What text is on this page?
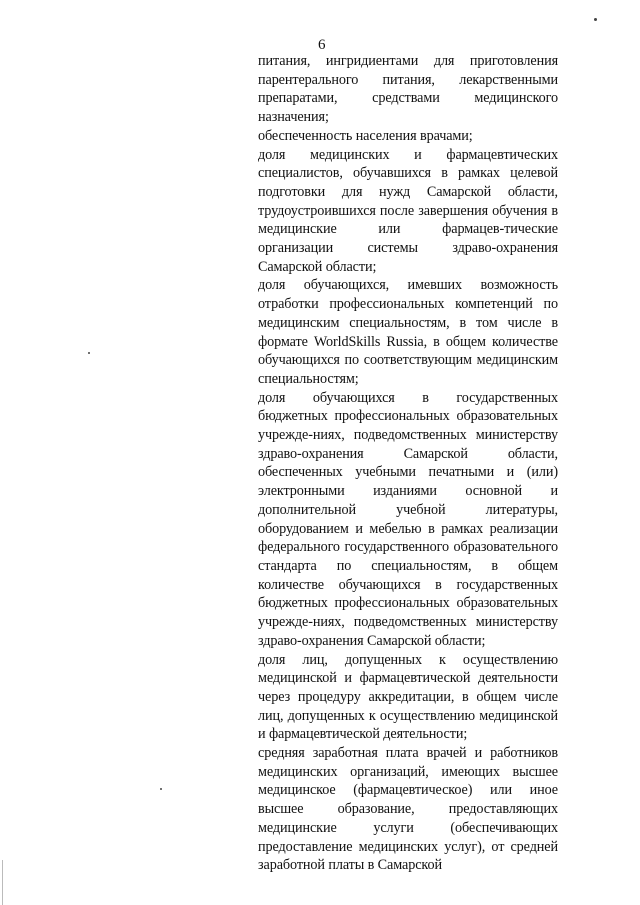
6

питания, ингридиентами для приготовления парентерального питания, лекарственными препаратами, средствами медицинского назначения;

обеспеченность населения врачами;

доля медицинских и фармацевтических специалистов, обучавшихся в рамках целевой подготовки для нужд Самарской области, трудоустроившихся после завершения обучения в медицинские или фармацев-тические организации системы здраво-охранения Самарской области;

доля обучающихся, имевших возможность отработки профессиональных компетенций по медицинским специальностям, в том числе в формате WorldSkills Russia, в общем количестве обучающихся по соответствующим медицинским специальностям;

доля обучающихся в государственных бюджетных профессиональных образовательных учрежде-ниях, подведомственных министерству здраво-охранения Самарской области, обеспеченных учебными печатными и (или) электронными изданиями основной и дополнительной учебной литературы, оборудованием и мебелью в рамках реализации федерального государственного образовательного стандарта по специальностям, в общем количестве обучающихся в государственных бюджетных профессиональных образовательных учрежде-ниях, подведомственных министерству здраво-охранения Самарской области;

доля лиц, допущенных к осуществлению медицинской и фармацевтической деятельности через процедуру аккредитации, в общем числе лиц, допущенных к осуществлению медицинской и фармацевтической деятельности;

средняя заработная плата врачей и работников медицинских организаций, имеющих высшее медицинское (фармацевтическое) или иное высшее образование, предоставляющих медицинские услуги (обеспечивающих предоставление медицинских услуг), от средней заработной платы в Самарской
